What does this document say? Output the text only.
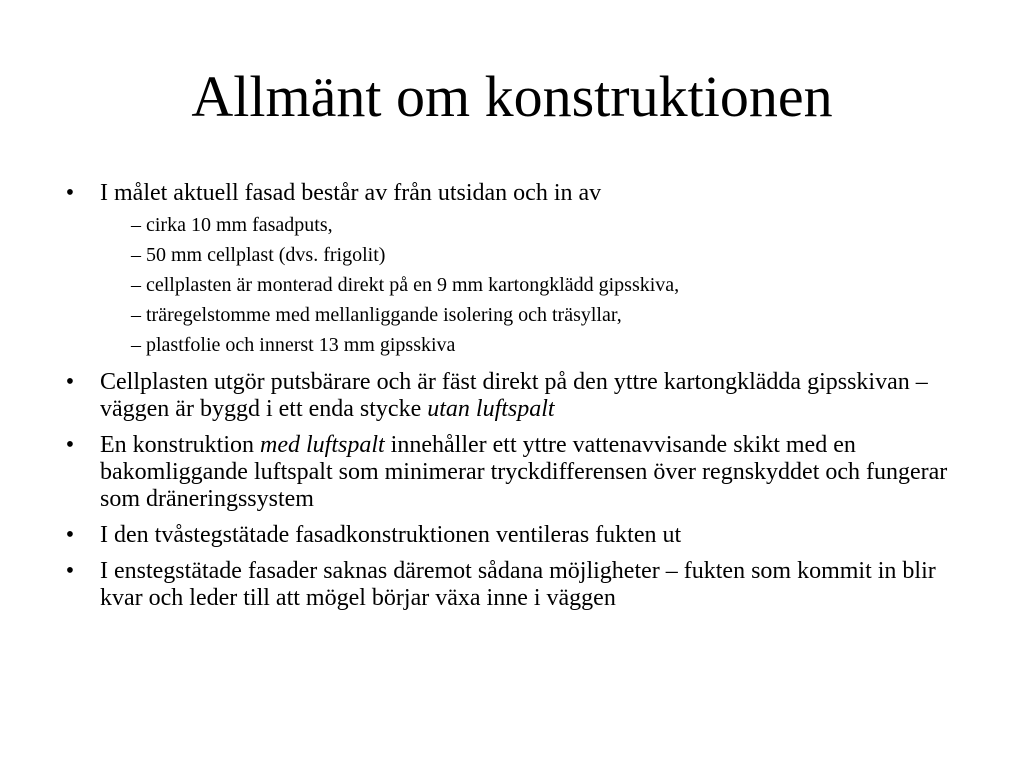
Allmänt om konstruktionen
• I målet aktuell fasad består av från utsidan och in av
– cirka 10 mm fasadputs,
– 50 mm cellplast (dvs. frigolit)
– cellplasten är monterad direkt på en 9 mm kartongklädd gipsskiva,
– träregelstomme med mellanliggande isolering och träsyllar,
– plastfolie och innerst 13 mm gipsskiva
• Cellplasten utgör putsbärare och är fäst direkt på den yttre kartongklädda gipsskivan – väggen är byggd i ett enda stycke utan luftspalt
• En konstruktion med luftspalt innehåller ett yttre vattenavvisande skikt med en bakomliggande luftspalt som minimerar tryckdifferensen över regnskyddet och fungerar som dräneringssystem
• I den tvåstegstätade fasadkonstruktionen ventileras fukten ut
• I enstegstätade fasader saknas däremot sådana möjligheter – fukten som kommit in blir kvar och leder till att mögel börjar växa inne i väggen
